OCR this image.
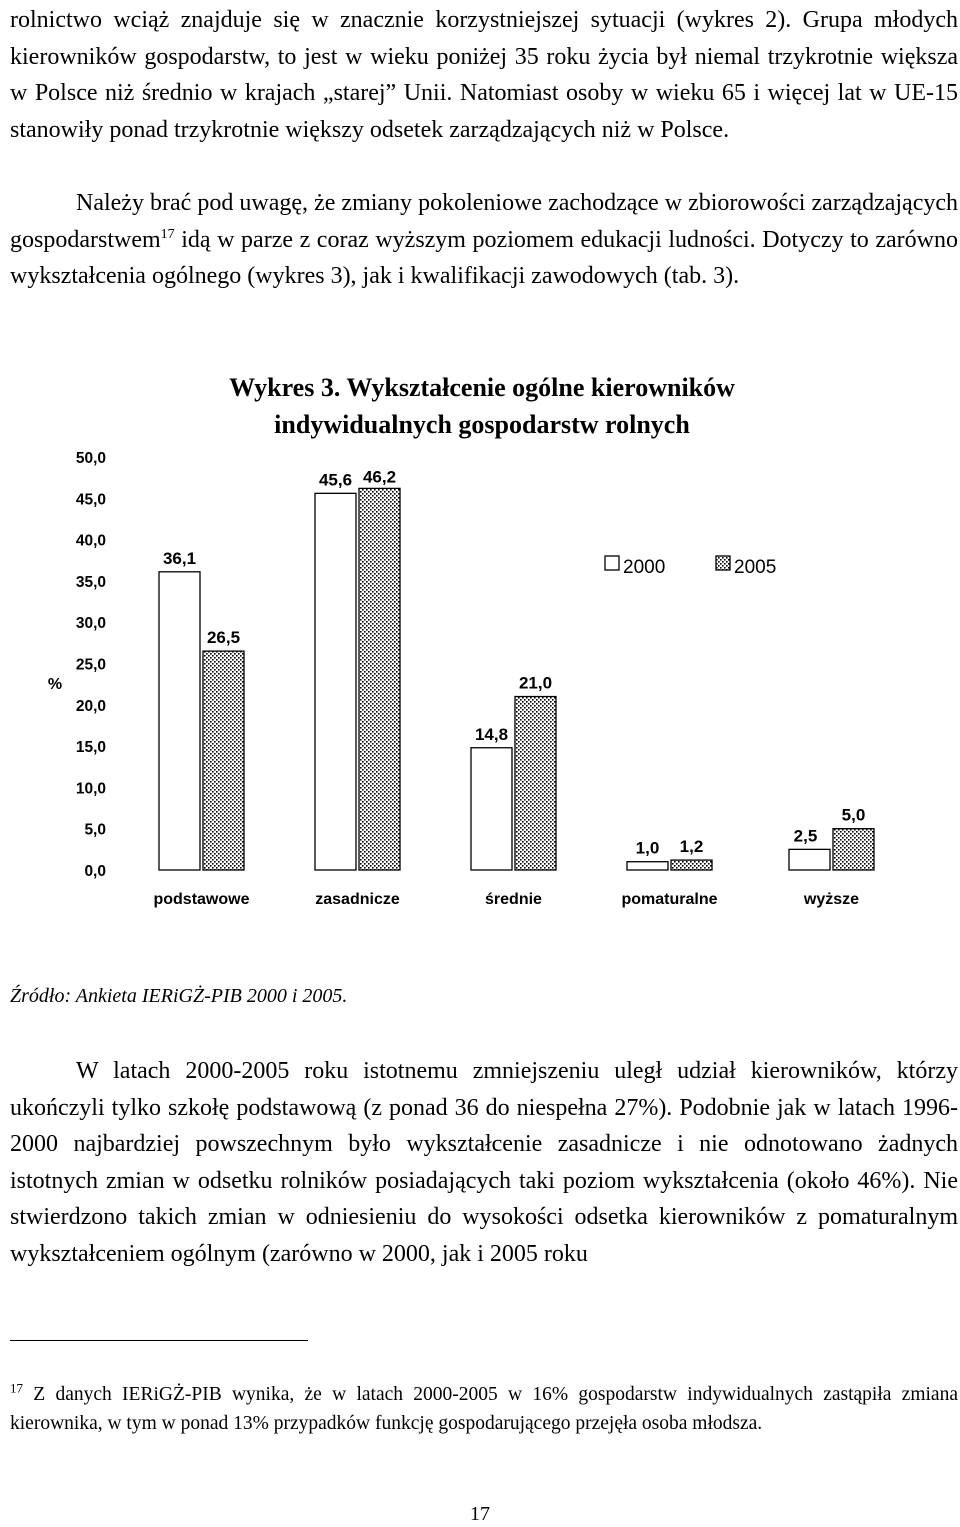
rolnictwo wciąż znajduje się w znacznie korzystniejszej sytuacji (wykres 2). Grupa młodych kierowników gospodarstw, to jest w wieku poniżej 35 roku życia był niemal trzykrotnie większa w Polsce niż średnio w krajach „starej” Unii. Natomiast osoby w wieku 65 i więcej lat w UE-15 stanowiły ponad trzykrotnie większy odsetek zarządzających niż w Polsce.

Należy brać pod uwagę, że zmiany pokoleniowe zachodzące w zbiorowości zarządzających gospodarstwem$^{17}$ idą w parze z coraz wyższym poziomem edukacji ludności. Dotyczy to zarówno wykształcenia ogólnego (wykres 3), jak i kwalifikacji zawodowych (tab. 3).

Wykres 3. Wykształcenie ogólne kierowników
indywidualnych gospodarstw rolnych
%
0,0
5,0
10,0
15,0
20,0
25,0
30,0
35,0
40,0
45,0
50,0
36,1
26,5
45,6 46,2
14,8
21,0
1,0 1,2
2,5
5,0
podstawowe	zasadnicze	średnie	pomaturalne	wyższe
2000	2005
Źródło: Ankieta IERiGŻ-PIB 2000 i 2005.

W latach 2000-2005 roku istotnemu zmniejszeniu uległ udział kierowników, którzy ukończyli tylko szkołę podstawową (z ponad 36 do niespełna 27%). Podobnie jak w latach 1996-2000 najbardziej powszechnym było wykształcenie zasadnicze i nie odnotowano żadnych istotnych zmian w odsetku rolników posiadających taki poziom wykształcenia (około 46%). Nie stwierdzono takich zmian w odniesieniu do wysokości odsetka kierowników z pomaturalnym wykształceniem ogólnym (zarówno w 2000, jak i 2005 roku

$^{17}$ Z danych IERiGŻ-PIB wynika, że w latach 2000-2005 w 16% gospodarstw indywidualnych zastąpiła zmiana kierownika, w tym w ponad 13% przypadków funkcję gospodarującego przejęła osoba młodsza.

17
